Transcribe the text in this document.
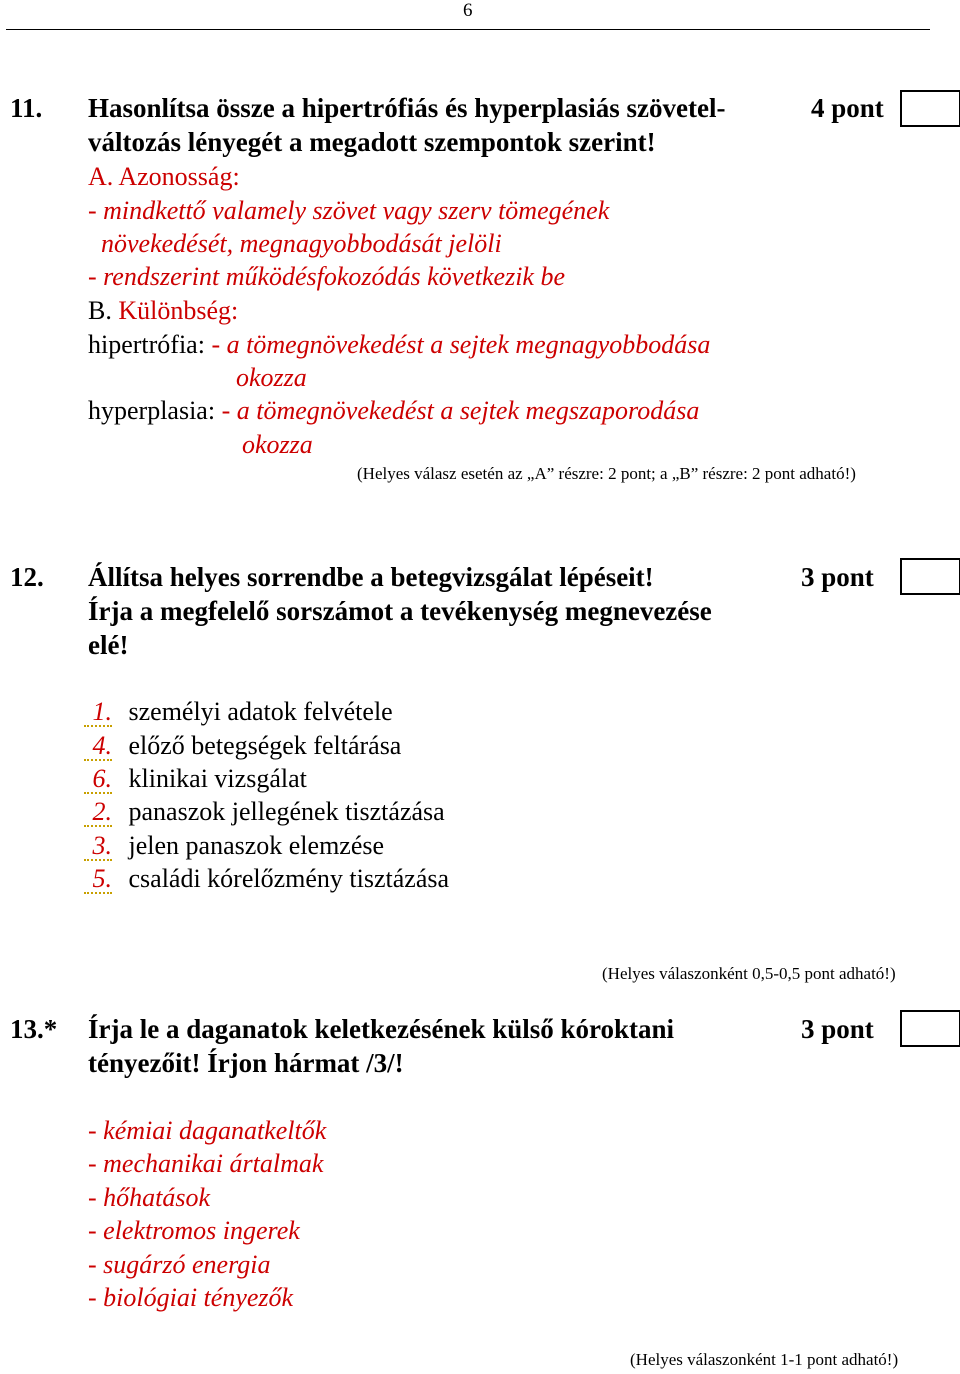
6
11. Hasonlítsa össze a hipertrófiás és hyperplasiás szövetel-
változás lényegét a megadott szempontok szerint!
4 pont
A. Azonosság:
- mindkettő valamely szövet vagy szerv tömegének
növekedését, megnagyobbodását jelöli
- rendszerint működésfokozódás következik be
B. Különbség:
hipertrófia: - a tömegnövekedést a sejtek megnagyobbodása
okozza
hyperplasia: - a tömegnövekedést a sejtek megszaporodása
okozza
(Helyes válasz esetén az „A” részre: 2 pont; a „B” részre: 2 pont adható!)
12. Állítsa helyes sorrendbe a betegvizsgálat lépéseit!
Írja a megfelelő sorszámot a tevékenység megnevezése
elé!
3 pont
1. személyi adatok felvétele
4. előző betegségek feltárása
6. klinikai vizsgálat
2. panaszok jellegének tisztázása
3. jelen panaszok elemzése
5. családi kórelőzmény tisztázása
(Helyes válaszonként 0,5-0,5 pont adható!)
13.* Írja le a daganatok keletkezésének külső kóroktani
tényezőit! Írjon hármat /3/!
3 pont
- kémiai daganatkeltők
- mechanikai ártalmak
- hőhatások
- elektromos ingerek
- sugárzó energia
- biológiai tényezők
(Helyes válaszonként 1-1 pont adható!)
